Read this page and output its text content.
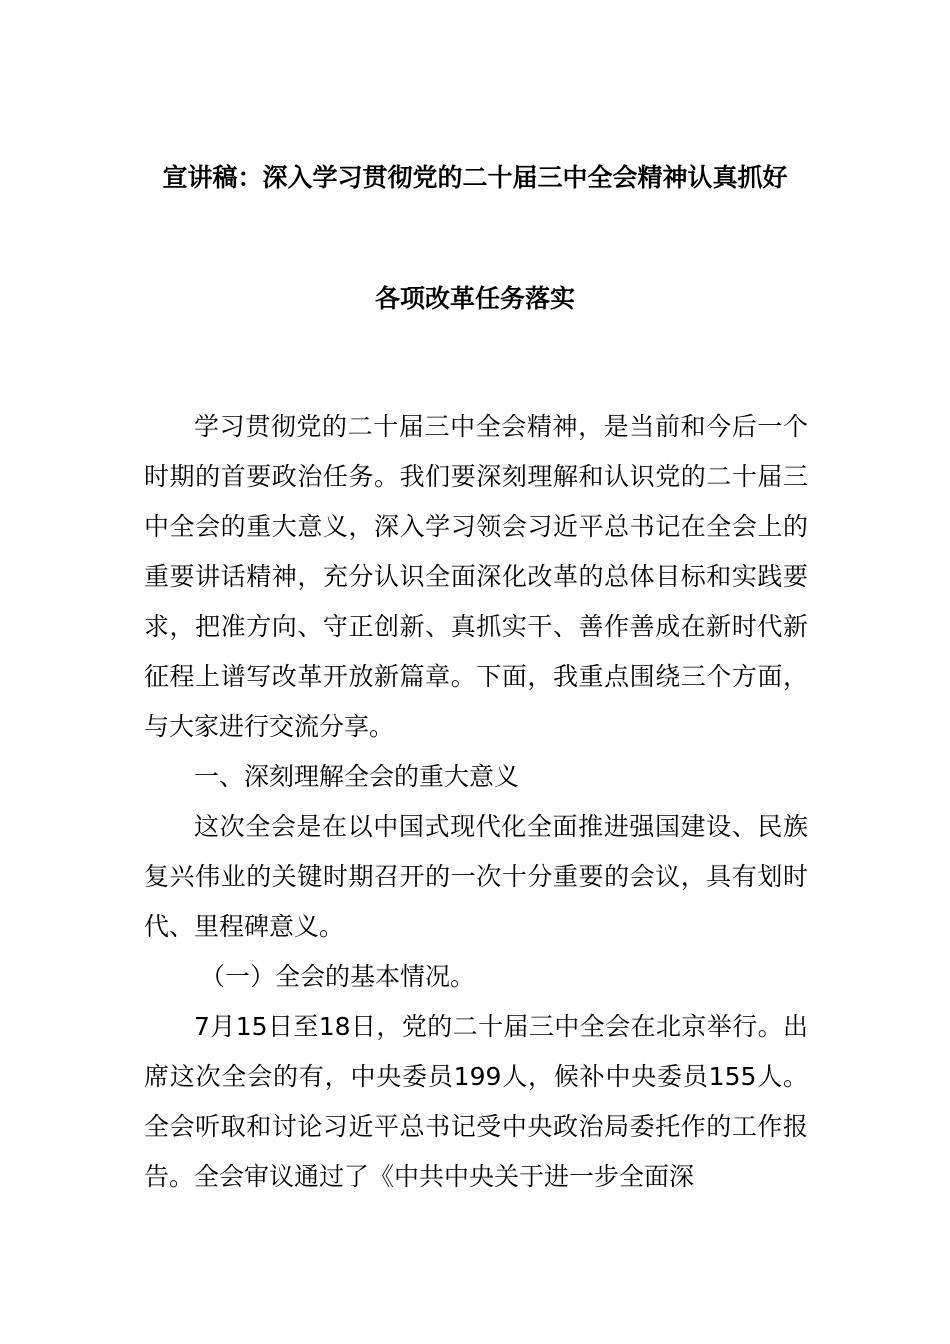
宣讲稿：深入学习贯彻党的二十届三中全会精神认真抓好
各项改革任务落实

学习贯彻党的二十届三中全会精神，是当前和今后一个时期的首要政治任务。我们要深刻理解和认识党的二十届三中全会的重大意义，深入学习领会习近平总书记在全会上的重要讲话精神，充分认识全面深化改革的总体目标和实践要求，把准方向、守正创新、真抓实干、善作善成在新时代新征程上谱写改革开放新篇章。下面，我重点围绕三个方面，与大家进行交流分享。

一、深刻理解全会的重大意义

这次全会是在以中国式现代化全面推进强国建设、民族复兴伟业的关键时期召开的一次十分重要的会议，具有划时代、里程碑意义。

（一）全会的基本情况。

7月15日至18日，党的二十届三中全会在北京举行。出席这次全会的有，中央委员199人，候补中央委员155人。全会听取和讨论习近平总书记受中央政治局委托作的工作报告。全会审议通过了《中共中央关于进一步全面深
